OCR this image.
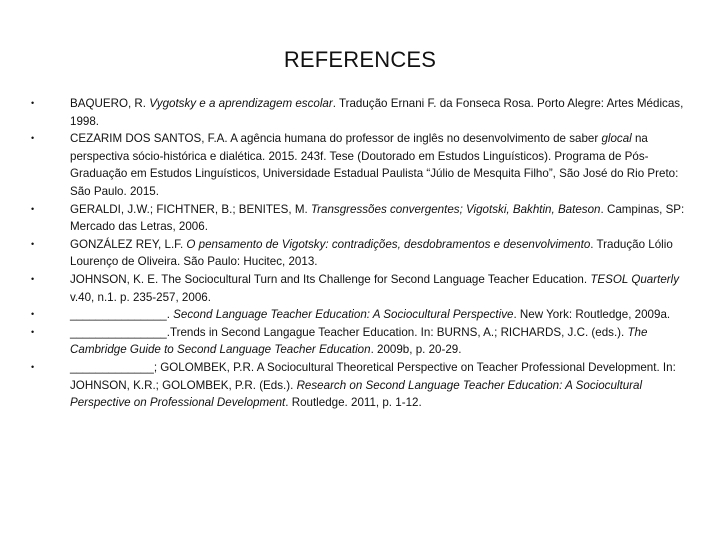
REFERENCES
•	BAQUERO, R. Vygotsky e a aprendizagem escolar. Tradução Ernani F. da Fonseca Rosa. Porto Alegre: Artes Médicas, 1998.
•	CEZARIM DOS SANTOS, F.A. A agência humana do professor de inglês no desenvolvimento de saber glocal na perspectiva sócio-histórica e dialética. 2015. 243f. Tese (Doutorado em Estudos Linguísticos). Programa de Pós-Graduação em Estudos Linguísticos, Universidade Estadual Paulista “Júlio de Mesquita Filho”, São José do Rio Preto: São Paulo. 2015.
•	GERALDI, J.W.; FICHTNER, B.; BENITES, M. Transgressões convergentes; Vigotski, Bakhtin, Bateson. Campinas, SP: Mercado das Letras, 2006.
•	GONZÁLEZ REY, L.F. O pensamento de Vigotsky: contradições, desdobramentos e desenvolvimento. Tradução Lólio Lourenço de Oliveira. São Paulo: Hucitec, 2013.
•	JOHNSON, K. E. The Sociocultural Turn and Its Challenge for Second Language Teacher Education. TESOL Quarterly v.40, n.1. p. 235-257, 2006.
•	_______________. Second Language Teacher Education: A Sociocultural Perspective. New York: Routledge, 2009a.
•	_______________.Trends in Second Langague Teacher Education. In: BURNS, A.; RICHARDS, J.C. (eds.). The Cambridge Guide to Second Language Teacher Education. 2009b, p. 20-29.
•	_____________; GOLOMBEK, P.R. A Sociocultural Theoretical Perspective on Teacher Professional Development. In: JOHNSON, K.R.; GOLOMBEK, P.R. (Eds.). Research on Second Language Teacher Education: A Sociocultural Perspective on Professional Development. Routledge. 2011, p. 1-12.
